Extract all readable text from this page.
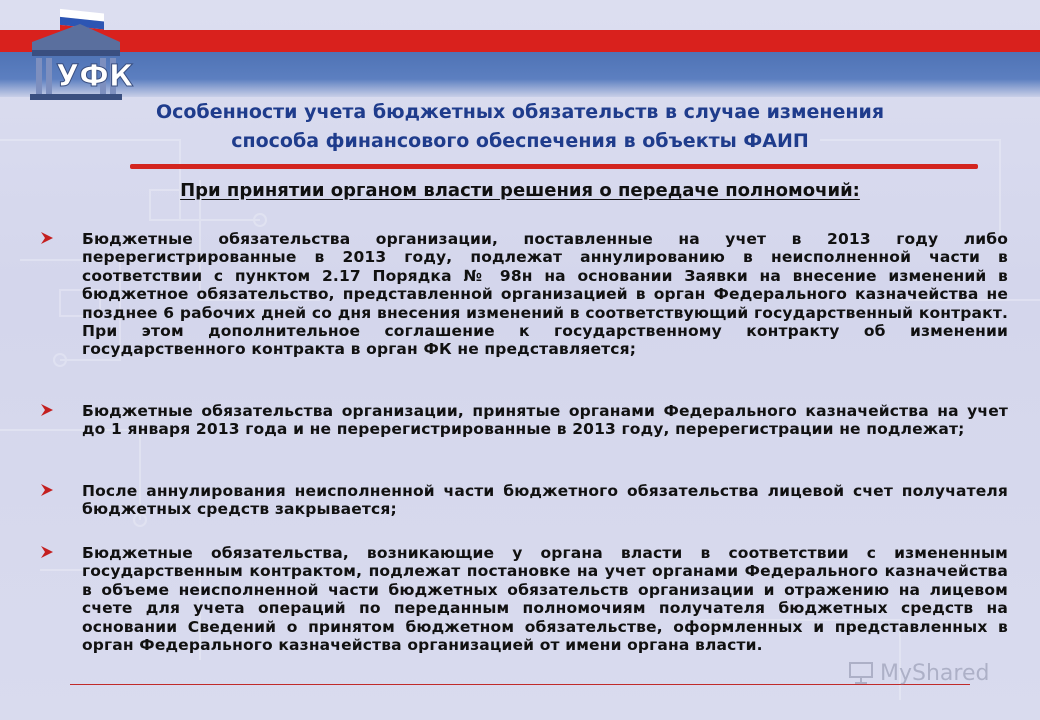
УФК
Особенности учета бюджетных обязательств в случае изменения
способа финансового обеспечения в объекты ФАИП
При принятии органом власти решения о передаче полномочий:
Бюджетные обязательства организации, поставленные на учет в 2013 году либо перерегистрированные в 2013 году, подлежат аннулированию в неисполненной части в соответствии с пунктом 2.17 Порядка № 98н на основании Заявки на внесение изменений в бюджетное обязательство, представленной организацией в орган Федерального казначейства не позднее 6 рабочих дней со дня внесения изменений в соответствующий государственный контракт. При этом дополнительное соглашение к государственному контракту об изменении государственного контракта в орган ФК не представляется;
Бюджетные обязательства организации, принятые органами Федерального казначейства на учет до 1 января 2013 года и не перерегистрированные в 2013 году, перерегистрации не подлежат;
После аннулирования неисполненной части бюджетного обязательства лицевой счет получателя бюджетных средств закрывается;
Бюджетные обязательства, возникающие у органа власти в соответствии с измененным государственным контрактом, подлежат постановке на учет органами Федерального казначейства в объеме неисполненной части бюджетных обязательств организации и отражению на лицевом счете для учета операций по переданным полномочиям получателя бюджетных средств на основании Сведений о принятом бюджетном обязательстве, оформленных и представленных в орган Федерального казначейства организацией от имени органа власти.
MyShared
